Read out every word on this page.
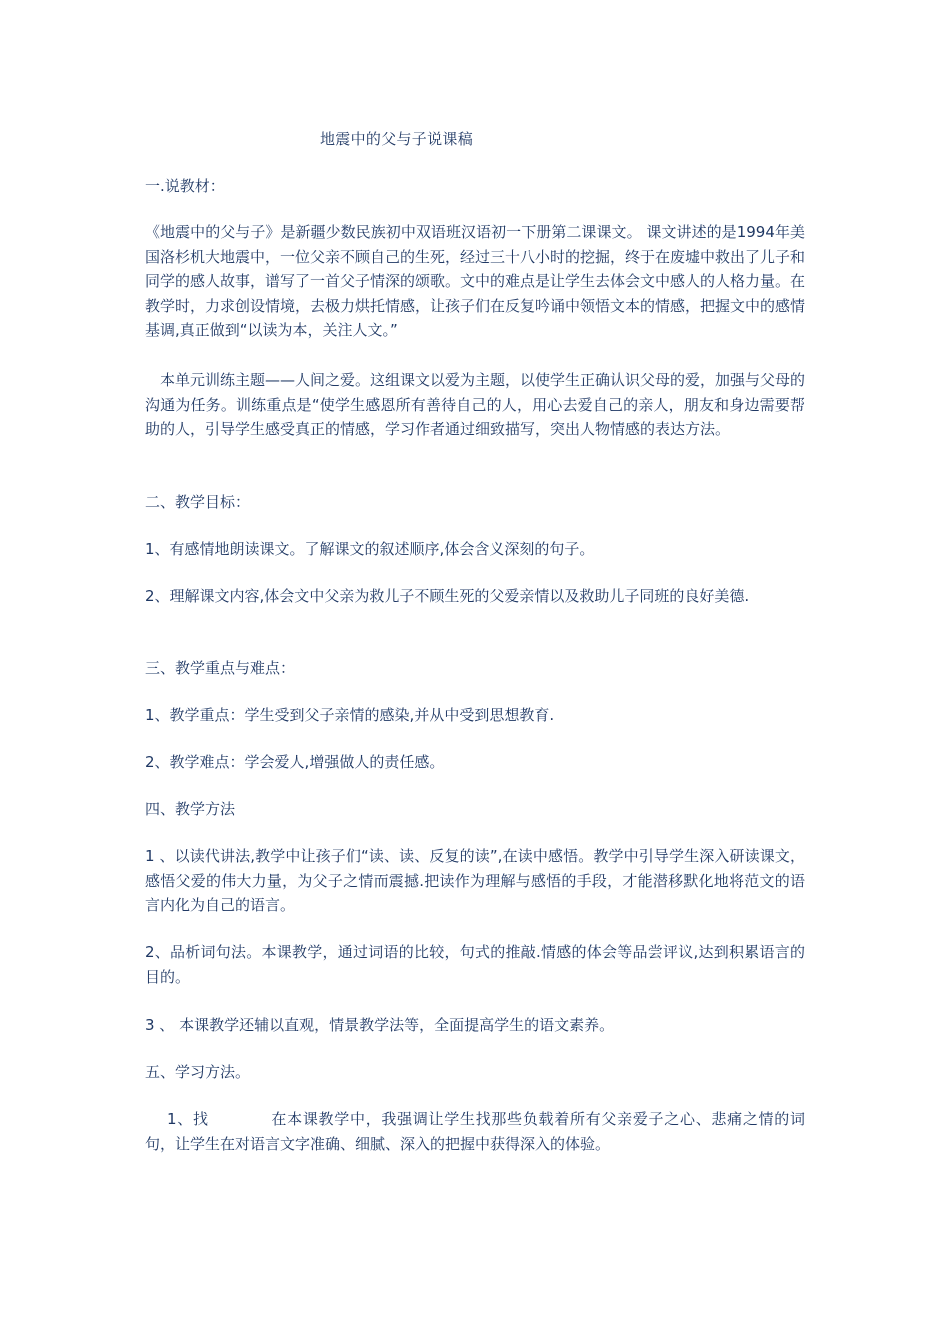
地震中的父与子说课稿
一.说教材：

《地震中的父与子》是新疆少数民族初中双语班汉语初一下册第二课课文。 课文讲述的是1994年美国洛杉机大地震中，一位父亲不顾自己的生死，经过三十八小时的挖掘，终于在废墟中救出了儿子和同学的感人故事，谱写了一首父子情深的颂歌。文中的难点是让学生去体会文中感人的人格力量。在教学时，力求创设情境，去极力烘托情感，让孩子们在反复吟诵中领悟文本的情感，把握文中的感情基调,真正做到“以读为本，关注人文。”

本单元训练主题——人间之爱。这组课文以爱为主题，以使学生正确认识父母的爱，加强与父母的沟通为任务。训练重点是“使学生感恩所有善待自己的人，用心去爱自己的亲人，朋友和身边需要帮助的人，引导学生感受真正的情感，学习作者通过细致描写，突出人物情感的表达方法。

二、教学目标：

1、有感情地朗读课文。了解课文的叙述顺序,体会含义深刻的句子。

2、理解课文内容,体会文中父亲为救儿子不顾生死的父爱亲情以及救助儿子同班的良好美德.

三、教学重点与难点：

1、教学重点：学生受到父子亲情的感染,并从中受到思想教育.

2、教学难点：学会爱人,增强做人的责任感。

四、教学方法

1 、以读代讲法,教学中让孩子们“读、读、反复的读”,在读中感悟。教学中引导学生深入研读课文，感悟父爱的伟大力量，为父子之情而震撼.把读作为理解与感悟的手段，才能潜移默化地将范文的语言内化为自己的语言。

2、品析词句法。本课教学，通过词语的比较，句式的推敲.情感的体会等品尝评议,达到积累语言的目的。

3 、 本课教学还辅以直观，情景教学法等，全面提高学生的语文素养。

五、学习方法。

1、找	在本课教学中，我强调让学生找那些负载着所有父亲爱子之心、悲痛之情的词句，让学生在对语言文字准确、细腻、深入的把握中获得深入的体验。
